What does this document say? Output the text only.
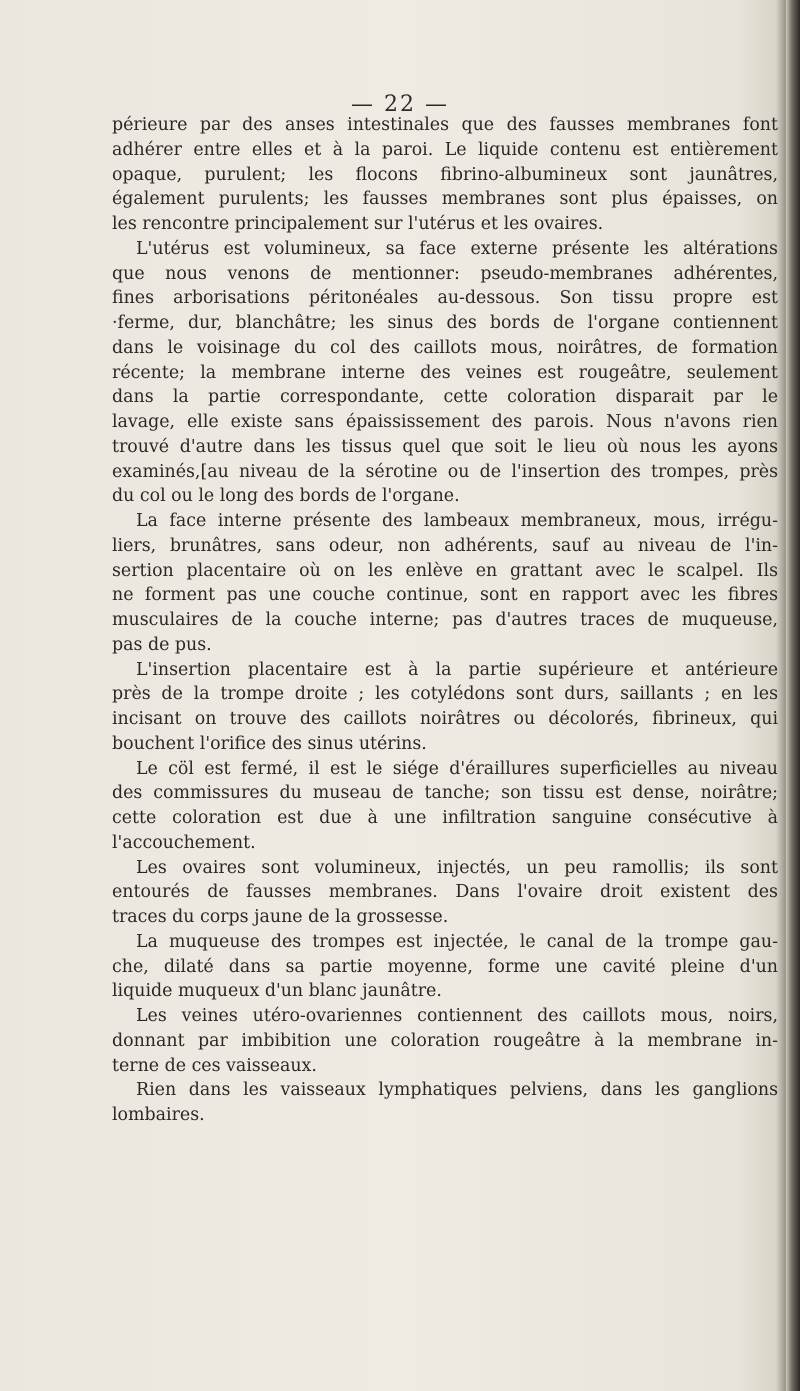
— 22 —
périeure par des anses intestinales que des fausses membranes font
adhérer entre elles et à la paroi. Le liquide contenu est entièrement
opaque, purulent; les flocons fibrino-albumineux sont jaunâtres,
également purulents; les fausses membranes sont plus épaisses, on
les rencontre principalement sur l'utérus et les ovaires.
L'utérus est volumineux, sa face externe présente les altérations
que nous venons de mentionner: pseudo-membranes adhérentes,
fines arborisations péritonéales au-dessous. Son tissu propre est
·ferme, dur, blanchâtre; les sinus des bords de l'organe contiennent
dans le voisinage du col des caillots mous, noirâtres, de formation
récente; la membrane interne des veines est rougeâtre, seulement
dans la partie correspondante, cette coloration disparait par le
lavage, elle existe sans épaississement des parois. Nous n'avons rien
trouvé d'autre dans les tissus quel que soit le lieu où nous les ayons
examinés,[au niveau de la sérotine ou de l'insertion des trompes, près
du col ou le long des bords de l'organe.
La face interne présente des lambeaux membraneux, mous, irrégu-
liers, brunâtres, sans odeur, non adhérents, sauf au niveau de l'in-
sertion placentaire où on les enlève en grattant avec le scalpel. Ils
ne forment pas une couche continue, sont en rapport avec les fibres
musculaires de la couche interne; pas d'autres traces de muqueuse,
pas de pus.
L'insertion placentaire est à la partie supérieure et antérieure
près de la trompe droite ; les cotylédons sont durs, saillants ; en les
incisant on trouve des caillots noirâtres ou décolorés, fibrineux, qui
bouchent l'orifice des sinus utérins.
Le cöl est fermé, il est le siége d'éraillures superficielles au niveau
des commissures du museau de tanche; son tissu est dense, noirâtre;
cette coloration est due à une infiltration sanguine consécutive à
l'accouchement.
Les ovaires sont volumineux, injectés, un peu ramollis; ils sont
entourés de fausses membranes. Dans l'ovaire droit existent des
traces du corps jaune de la grossesse.
La muqueuse des trompes est injectée, le canal de la trompe gau-
che, dilaté dans sa partie moyenne, forme une cavité pleine d'un
liquide muqueux d'un blanc jaunâtre.
Les veines utéro-ovariennes contiennent des caillots mous, noirs,
donnant par imbibition une coloration rougeâtre à la membrane in-
terne de ces vaisseaux.
Rien dans les vaisseaux lymphatiques pelviens, dans les ganglions
lombaires.
